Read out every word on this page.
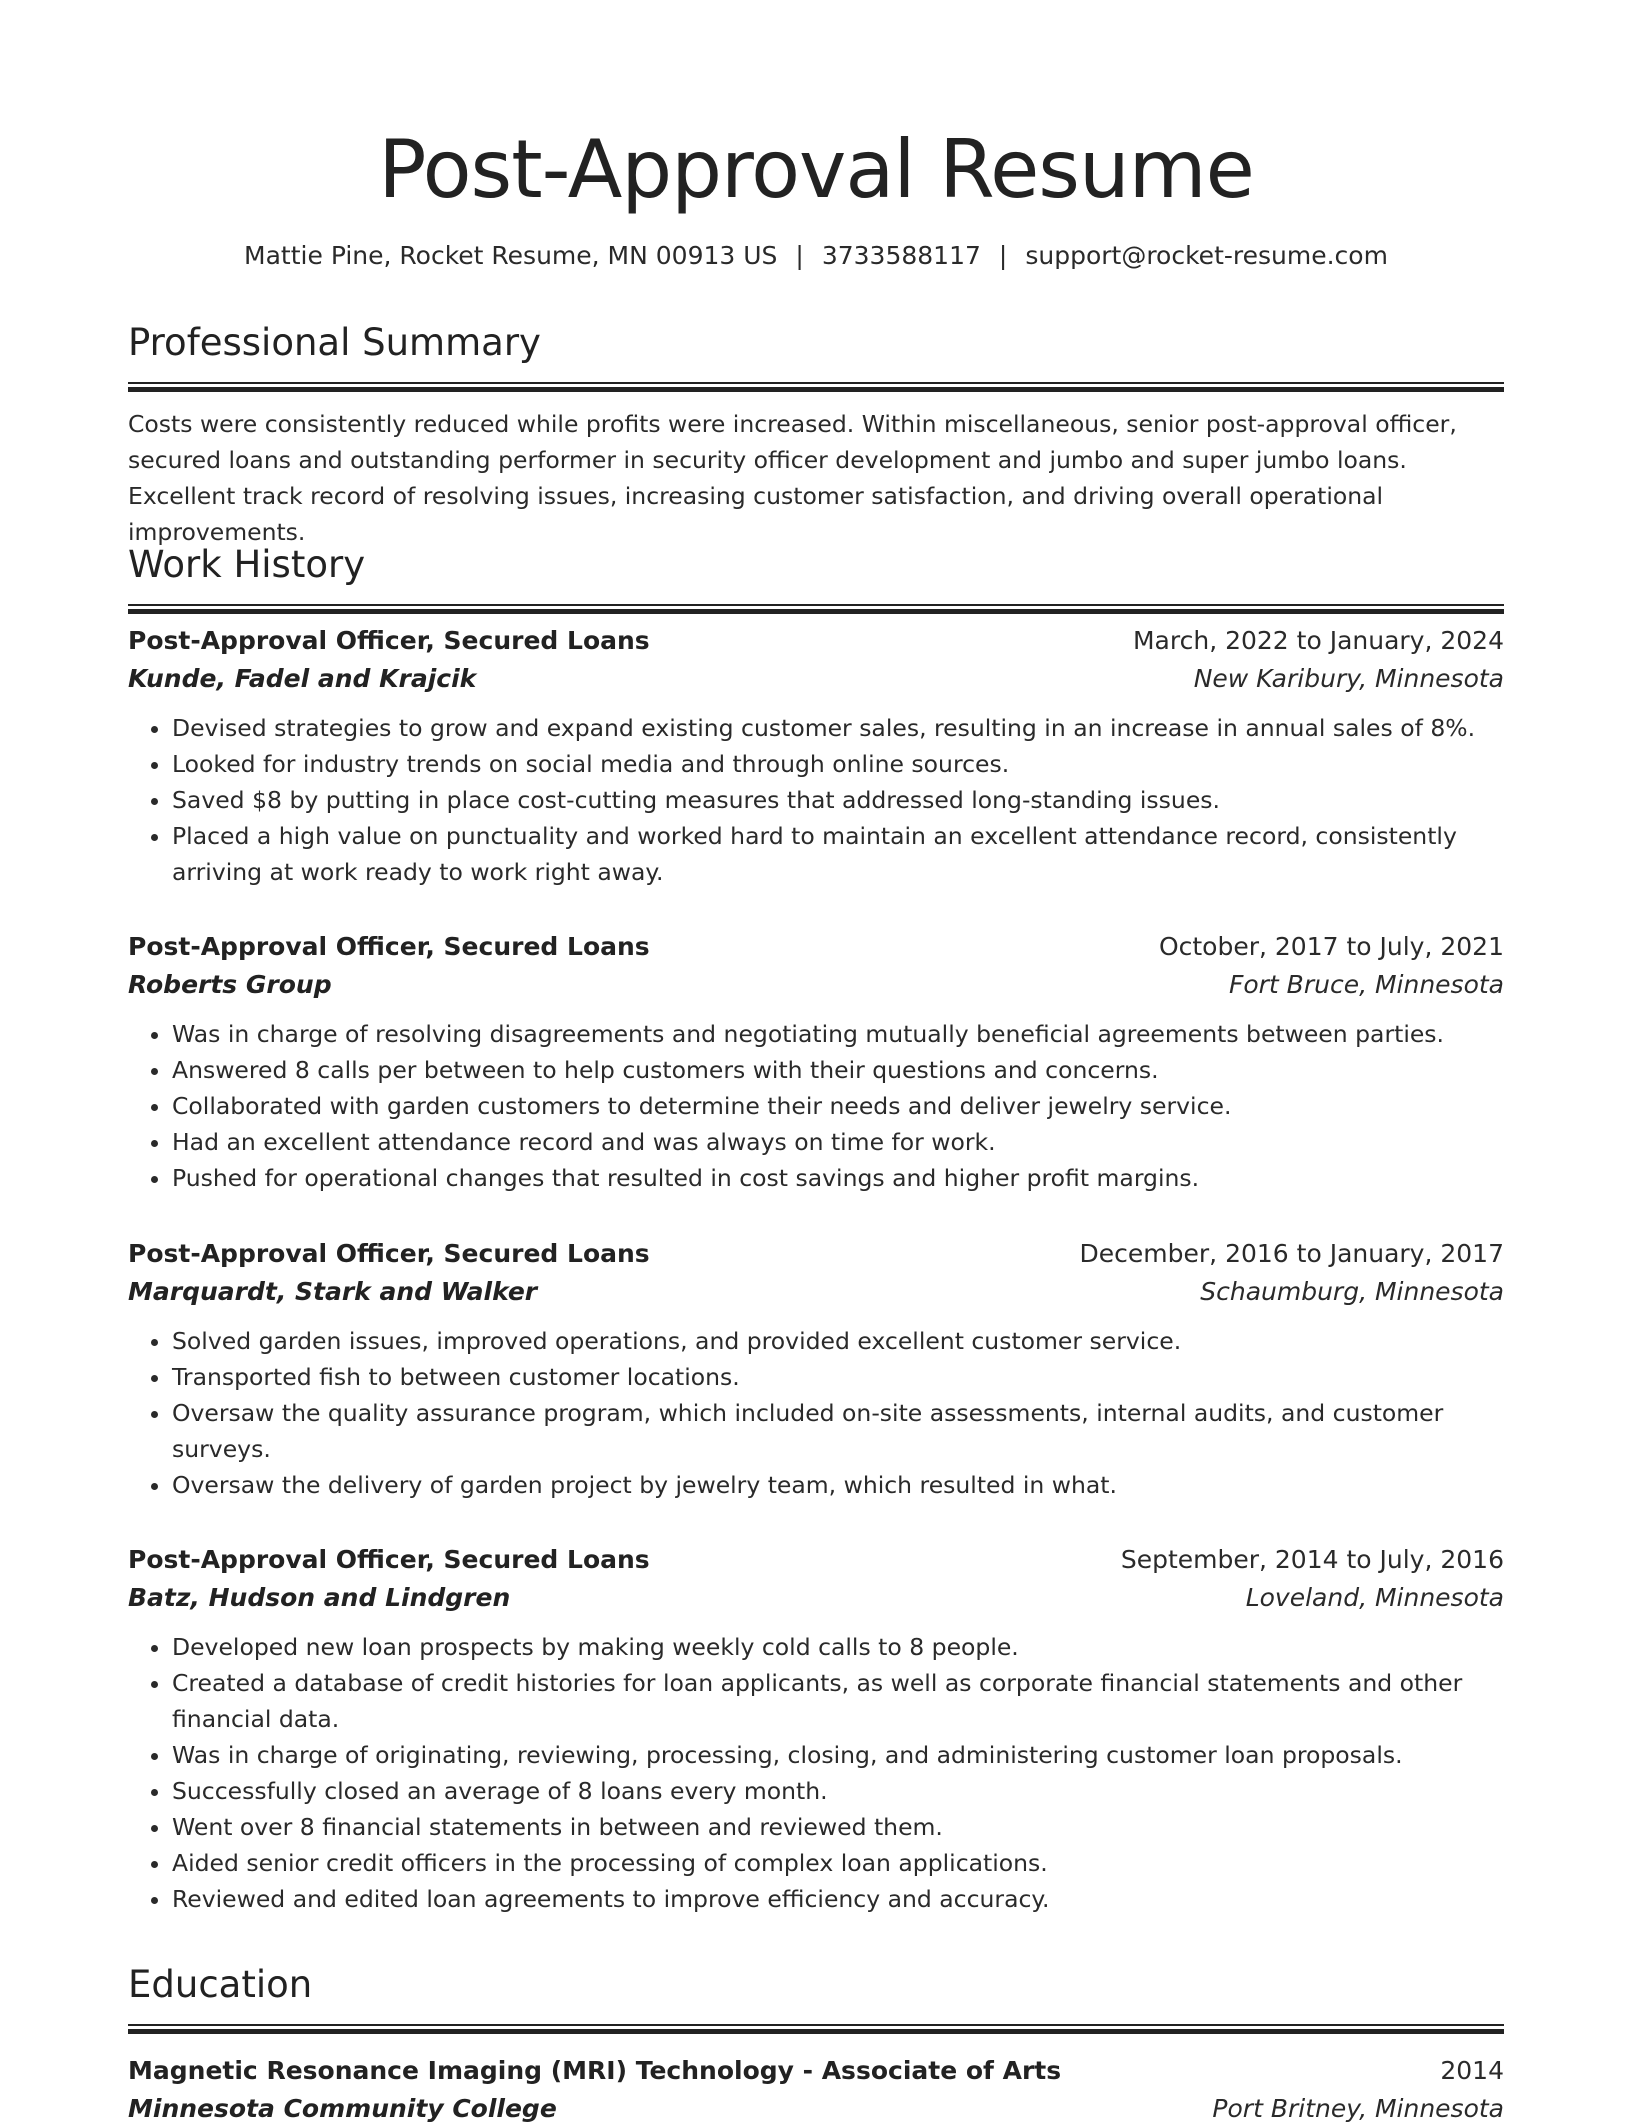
Post-Approval Resume
Mattie Pine, Rocket Resume, MN 00913 US | 3733588117 | support@rocket-resume.com
Professional Summary
Costs were consistently reduced while profits were increased. Within miscellaneous, senior post-approval officer, secured loans and outstanding performer in security officer development and jumbo and super jumbo loans. Excellent track record of resolving issues, increasing customer satisfaction, and driving overall operational improvements.
Work History
Post-Approval Officer, Secured Loans	March, 2022 to January, 2024
Kunde, Fadel and Krajcik	New Karibury, Minnesota
• Devised strategies to grow and expand existing customer sales, resulting in an increase in annual sales of 8%.
• Looked for industry trends on social media and through online sources.
• Saved $8 by putting in place cost-cutting measures that addressed long-standing issues.
• Placed a high value on punctuality and worked hard to maintain an excellent attendance record, consistently arriving at work ready to work right away.
Post-Approval Officer, Secured Loans	October, 2017 to July, 2021
Roberts Group	Fort Bruce, Minnesota
• Was in charge of resolving disagreements and negotiating mutually beneficial agreements between parties.
• Answered 8 calls per between to help customers with their questions and concerns.
• Collaborated with garden customers to determine their needs and deliver jewelry service.
• Had an excellent attendance record and was always on time for work.
• Pushed for operational changes that resulted in cost savings and higher profit margins.
Post-Approval Officer, Secured Loans	December, 2016 to January, 2017
Marquardt, Stark and Walker	Schaumburg, Minnesota
• Solved garden issues, improved operations, and provided excellent customer service.
• Transported fish to between customer locations.
• Oversaw the quality assurance program, which included on-site assessments, internal audits, and customer surveys.
• Oversaw the delivery of garden project by jewelry team, which resulted in what.
Post-Approval Officer, Secured Loans	September, 2014 to July, 2016
Batz, Hudson and Lindgren	Loveland, Minnesota
• Developed new loan prospects by making weekly cold calls to 8 people.
• Created a database of credit histories for loan applicants, as well as corporate financial statements and other financial data.
• Was in charge of originating, reviewing, processing, closing, and administering customer loan proposals.
• Successfully closed an average of 8 loans every month.
• Went over 8 financial statements in between and reviewed them.
• Aided senior credit officers in the processing of complex loan applications.
• Reviewed and edited loan agreements to improve efficiency and accuracy.
Education
Magnetic Resonance Imaging (MRI) Technology - Associate of Arts	2014
Minnesota Community College	Port Britney, Minnesota
